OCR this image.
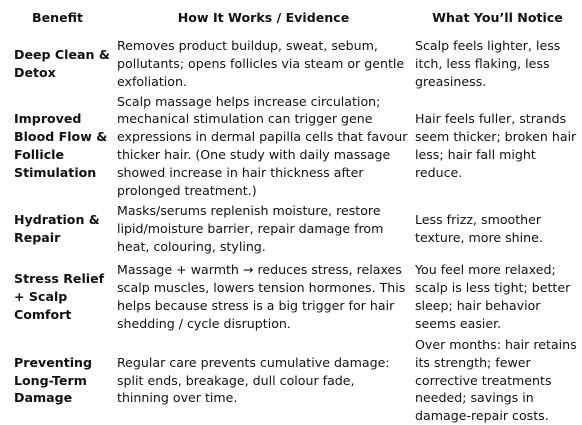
Benefit	How It Works / Evidence	What You’ll Notice
Deep Clean & Detox	Removes product buildup, sweat, sebum, pollutants; opens follicles via steam or gentle exfoliation.	Scalp feels lighter, less itch, less flaking, less greasiness.
Improved Blood Flow & Follicle Stimulation	Scalp massage helps increase circulation; mechanical stimulation can trigger gene expressions in dermal papilla cells that favour thicker hair. (One study with daily massage showed increase in hair thickness after prolonged treatment.)	Hair feels fuller, strands seem thicker; broken hair less; hair fall might reduce.
Hydration & Repair	Masks/serums replenish moisture, restore lipid/moisture barrier, repair damage from heat, colouring, styling.	Less frizz, smoother texture, more shine.
Stress Relief + Scalp Comfort	Massage + warmth → reduces stress, relaxes scalp muscles, lowers tension hormones. This helps because stress is a big trigger for hair shedding / cycle disruption.	You feel more relaxed; scalp is less tight; better sleep; hair behavior seems easier.
Preventing Long-Term Damage	Regular care prevents cumulative damage: split ends, breakage, dull colour fade, thinning over time.	Over months: hair retains its strength; fewer corrective treatments needed; savings in damage-repair costs.
